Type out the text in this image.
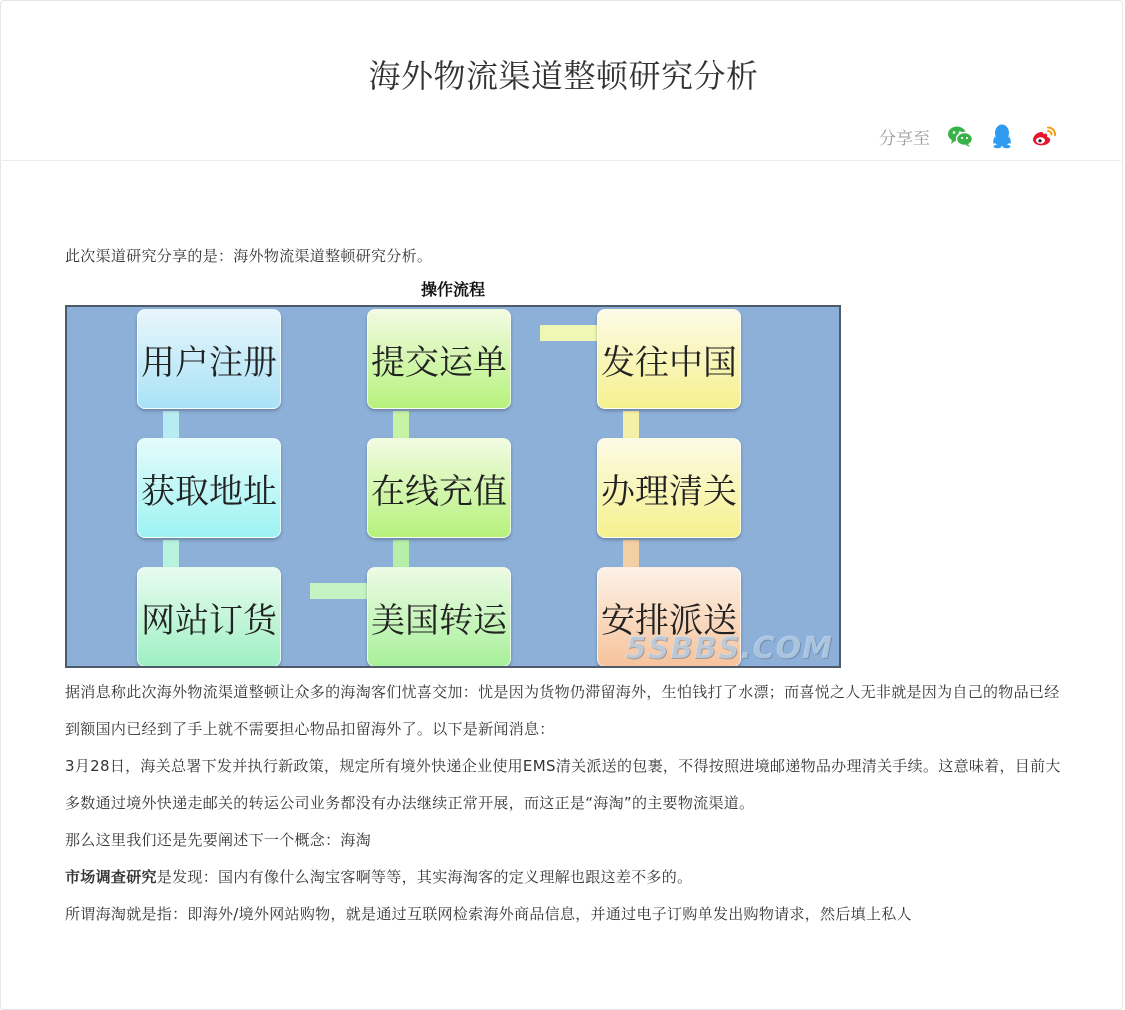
海外物流渠道整顿研究分析
分享至

此次渠道研究分享的是：海外物流渠道整顿研究分析。

操作流程
用户注册
获取地址
网站订货	美国转运
在线充值
提交运单	发往中国
办理清关
安排派送
5SBBS.COM

据消息称此次海外物流渠道整顿让众多的海淘客们忧喜交加：忧是因为货物仍滞留海外，生怕钱打了水漂；而喜悦之人无非就是因为自己的物品已经到额国内已经到了手上就不需要担心物品扣留海外了。以下是新闻消息：

3月28日，海关总署下发并执行新政策，规定所有境外快递企业使用EMS清关派送的包裹，不得按照进境邮递物品办理清关手续。这意味着，目前大多数通过境外快递走邮关的转运公司业务都没有办法继续正常开展，而这正是“海淘”的主要物流渠道。

那么这里我们还是先要阐述下一个概念：海淘

市场调查研究是发现：国内有像什么淘宝客啊等等，其实海淘客的定义理解也跟这差不多的。

所谓海淘就是指：即海外/境外网站购物，就是通过互联网检索海外商品信息，并通过电子订购单发出购物请求，然后填上私人
